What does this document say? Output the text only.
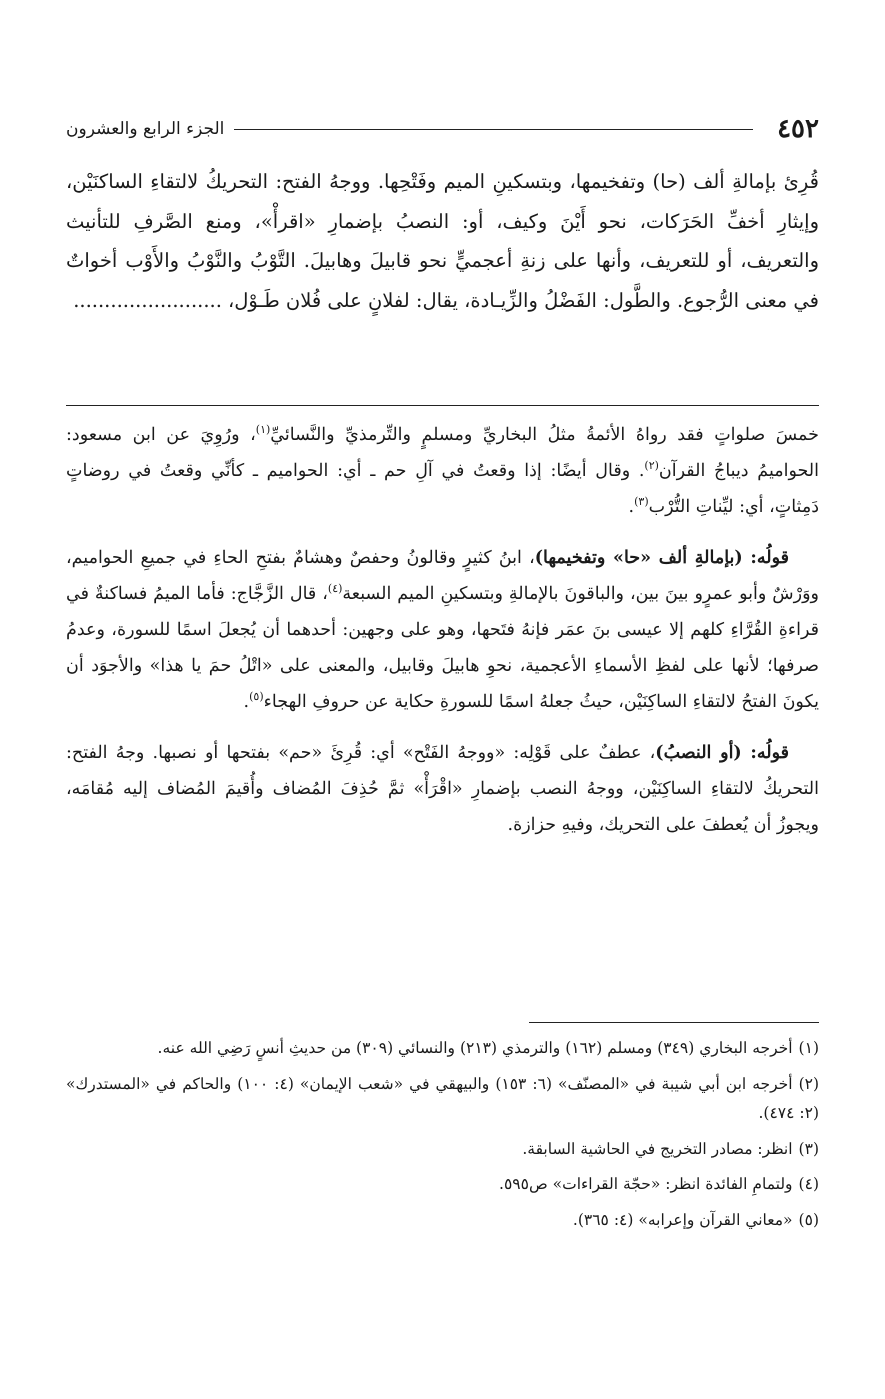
٤٥٢
الجزء الرابع والعشرون
قُرِئ بإمالةِ ألف (حا) وتفخيمها، وبتسكينِ الميم وفَتْحِها. ووجهُ الفتح: التحريكُ لالتقاءِ الساكنَيْن، وإيثارِ أخفِّ الحَرَكات، نحو أَيْنَ وكيف، أو: النصبُ بإضمارِ «اقرأْ»، ومنع الصَّرفِ للتأنيث والتعريف، أو للتعريف، وأنها على زنةِ أعجميٍّ نحو قابيلَ وهابيلَ. التَّوْبُ والنَّوْبُ والأَوْب أخواتٌ في معنى الرُّجوع. والطَّول: الفَضْلُ والزِّيـادة، يقال: لفلانٍ على فُلان طَـوْل،........................

خمسَ صلواتٍ فقد رواهُ الأئمةُ مثلُ البخاريِّ ومسلمٍ والتِّرمذيِّ والنَّسائيِّ$^{(١)}$، ورُوِيَ عن ابن مسعود: الحواميمُ ديباجُ القرآن$^{(٢)}$. وقال أيضًا: إذا وقعتُ في آلِ حم ـ أي: الحواميم ـ كأنِّي وقعتُ في روضاتٍ دَمِثاتٍ، أي: ليِّناتِ التُّرْب$^{(٣)}$.

قولُه: (بإمالةِ ألف «حا» وتفخيمها)، ابنُ كثيرٍ وقالونُ وحفصٌ وهشامٌ بفتحِ الحاءِ في جميعِ الحواميم، ووَرْشٌ وأبو عمرٍو بينَ بين، والباقونَ بالإمالةِ وبتسكينِ الميم السبعة$^{(٤)}$، قال الزَّجَّاج: فأما الميمُ فساكنةٌ في قراءةِ القُرَّاءِ كلهم إلا عيسى بنَ عمَر فإنهُ فتَحها، وهو على وجهين: أحدهما أن يُجعلَ اسمًا للسورة، وعدمُ صرفها؛ لأنها على لفظِ الأسماءِ الأعجمية، نحوِ هابيلَ وقابيل، والمعنى على «اتْلُ حمَ يا هذا» والأجوَد أن يكونَ الفتحُ لالتقاءِ الساكِنَيْن، حيثُ جعلهُ اسمًا للسورةِ حكاية عن حروفِ الهجاء$^{(٥)}$.

قولُه: (أو النصبُ)، عطفٌ على قَوْلِه: «ووجهُ الفَتْح» أي: قُرِئَ «حم» بفتحها أو نصبها. وجهُ الفتح: التحريكُ لالتقاءِ الساكِنَيْن، ووجهُ النصب بإضمارِ «اقْرَأْ» ثمَّ حُذِفَ المُضاف وأُقيمَ المُضاف إليه مُقامَه، ويجوزُ أن يُعطفَ على التحريك، وفيهِ حزازة.

(١)أخرجه البخاري (٣٤٩) ومسلم (١٦٢) والترمذي (٢١٣) والنسائي (٣٠٩) من حديثِ أنسٍ رَضِي الله عنه.
(٢)أخرجه ابن أبي شيبة في «المصنّف» (٦: ١٥٣) والبيهقي في «شعب الإيمان» (٤: ١٠٠) والحاكم في «المستدرك» (٢: ٤٧٤).
(٣)انظر: مصادر التخريج في الحاشية السابقة.
(٤)ولتمامِ الفائدة انظر: «حجّة القراءات» ص٥٩٥.
(٥)«معاني القرآن وإعرابه» (٤: ٣٦٥).
